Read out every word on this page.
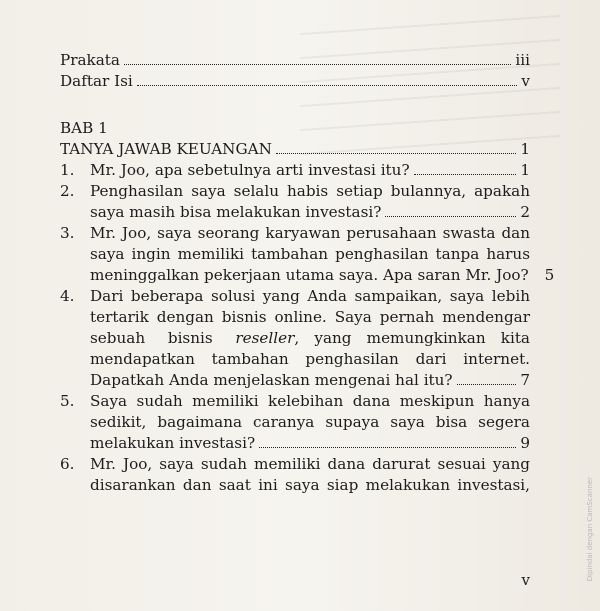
Prakata	iii
Daftar Isi	v
BAB 1
TANYA JAWAB KEUANGAN	1
1. Mr. Joo, apa sebetulnya arti investasi itu?	1
2. Penghasilan saya selalu habis setiap bulannya, apakah
saya masih bisa melakukan investasi?	2
3. Mr. Joo, saya seorang karyawan perusahaan swasta dan
saya ingin memiliki tambahan penghasilan tanpa harus
meninggalkan pekerjaan utama saya. Apa saran Mr. Joo? 5
4. Dari beberapa solusi yang Anda sampaikan, saya lebih
tertarik dengan bisnis online. Saya pernah mendengar
sebuah   bisnis   reseller,  yang  memungkinkan  kita
mendapatkan  tambahan  penghasilan  dari  internet.
Dapatkah Anda menjelaskan mengenai hal itu?	7
5. Saya sudah memiliki kelebihan dana meskipun hanya
sedikit, bagaimana caranya supaya saya bisa segera
melakukan investasi?	9
6. Mr. Joo, saya sudah memiliki dana darurat sesuai yang
disarankan dan saat ini saya siap melakukan investasi,
v	Dipindai dengan CamScanner
